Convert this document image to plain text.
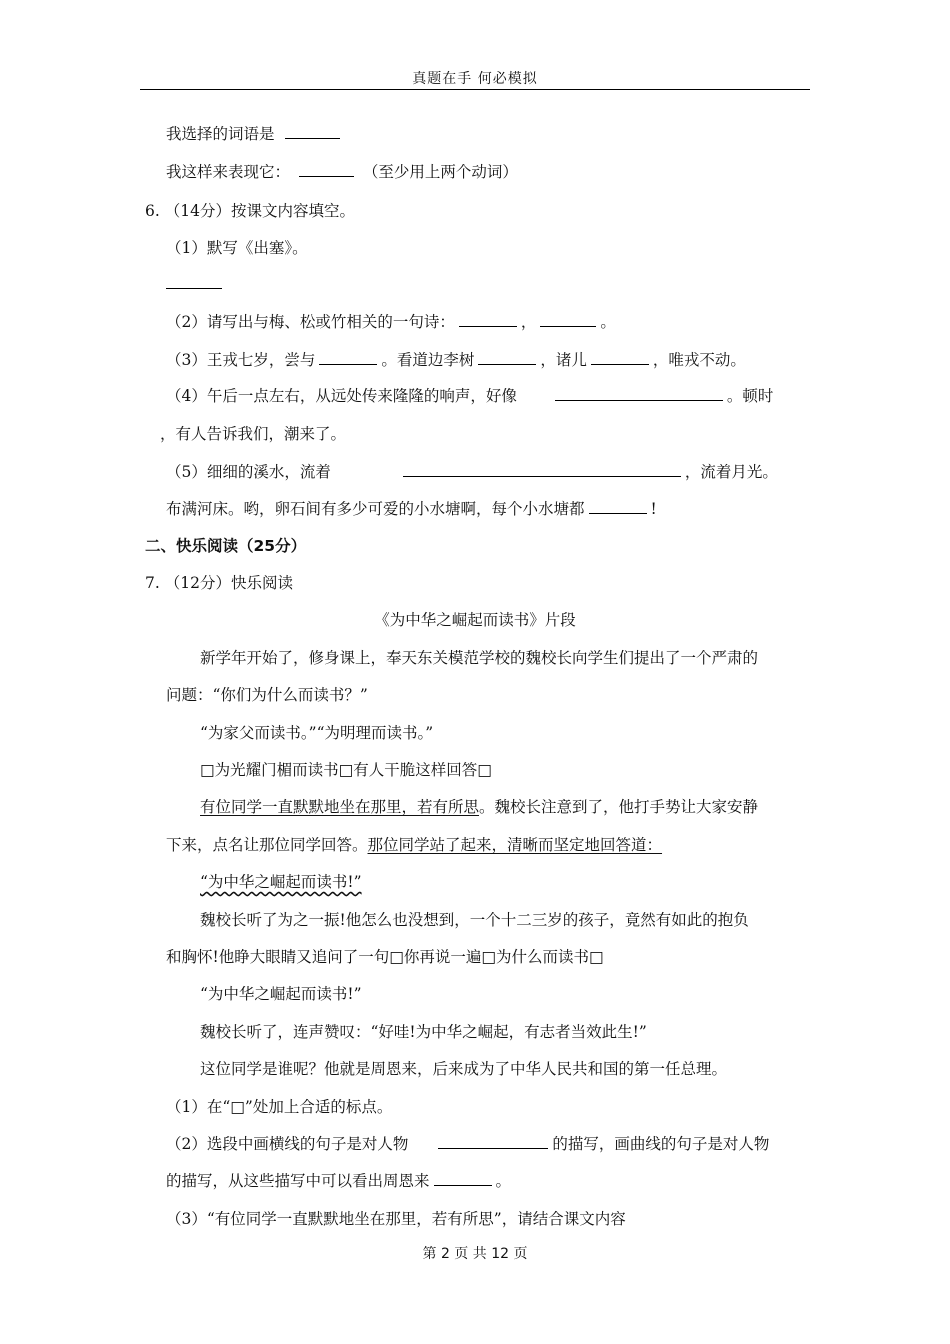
真题在手 何必模拟
我选择的词语是
我这样来表现它：	（至少用上两个动词）
6. （14分）按课文内容填空。
（1）默写《出塞》。
（2）请写出与梅、松或竹相关的一句诗：	，	。
（3）王戎七岁，尝与	。看道边李树	，诸儿	，唯戎不动。
（4）午后一点左右，从远处传来隆隆的响声，好像	。顿时
，有人告诉我们，潮来了。
（5）细细的溪水，流着	，流着月光。
布满河床。哟，卵石间有多少可爱的小水塘啊，每个小水塘都	!
二、快乐阅读（25分）
7. （12分）快乐阅读
《为中华之崛起而读书》片段
新学年开始了，修身课上，奉天东关模范学校的魏校长向学生们提出了一个严肃的
问题：“你们为什么而读书？”
“为家父而读书。”“为明理而读书。”
□为光耀门楣而读书□有人干脆这样回答□
有位同学一直默默地坐在那里，若有所思。魏校长注意到了，他打手势让大家安静
下来，点名让那位同学回答。那位同学站了起来，清晰而坚定地回答道：
“为中华之崛起而读书!”
魏校长听了为之一振!他怎么也没想到，一个十二三岁的孩子，竟然有如此的抱负
和胸怀!他睁大眼睛又追问了一句□你再说一遍□为什么而读书□
“为中华之崛起而读书!”
魏校长听了，连声赞叹：“好哇!为中华之崛起，有志者当效此生!”
这位同学是谁呢？他就是周恩来，后来成为了中华人民共和国的第一任总理。
（1）在“□”处加上合适的标点。
（2）选段中画横线的句子是对人物	的描写，画曲线的句子是对人物
的描写，从这些描写中可以看出周恩来	。
（3）“有位同学一直默默地坐在那里，若有所思”，请结合课文内容
第 2 页 共 12 页
